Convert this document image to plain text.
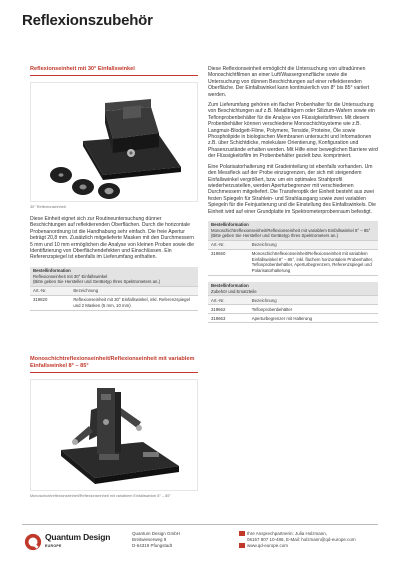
Reflexionszubehör
Reflexionseinheit mit 30° Einfallswinkel
30° Reflexionseinheit

Diese Einheit eignet sich zur Routineuntersuchung dünner Beschichtungen auf reflektierenden Oberflächen. Durch die horizontale Probenanordnung ist die Handhabung sehr einfach. Die freie Apertur beträgt 20,8 mm. Zusätzlich mitgelieferte Masken mit den Durchmessern 5 mm und 10 mm ermöglichen die Analyse von kleinen Proben sowie die Identifizierung von Oberflächendefekten und Einschlüssen. Ein Referenzspiegel ist ebenfalls im Lieferumfang enthalten.

Bestellinformation
Reflexionseinheit mit 30° Einfallswinkel
(Bitte geben Sie Hersteller und Gerätetyp Ihres Spektrometers an.)	

Art.-Nr.	Bezeichnung
319820	Reflexionseinheit mit 30° Einfallswinkel, inkl. Referenzspiegel und 2 Masken (5 mm, 10 mm)
Monoschichtreflexionseinheit/Reflexionseinheit mit variablem Einfallswinkel 8° – 85°
Monoschichtreflexionseinheit/Reflexionseinheit mit variablem Einfallswinkel 8° – 85°

Diese Reflexionseinheit ermöglicht die Untersuchung von ultradünnen Monoschichtfilmen an einer Luft/Wassergrenzfläche sowie die Untersuchung von dünnen Beschichtungen auf einer reflektierenden Oberfläche. Der Einfallswinkel kann kontinuierlich von 8° bis 85° variiert werden.

Zum Lieferumfang gehören ein flacher Probenhalter für die Untersuchung von Beschichtungen auf z.B. Metallträgern oder Silizium-Wafern sowie ein Teflonprobenbehälter für die Analyse von Flüssigkeitsfilmen. Mit diesem Probenbehälter können verschiedene Monoschichtsysteme wie z.B. Langmuir-Blodgett-Filme, Polymere, Tenside, Proteine, Öle sowie Phospholipide in biologischen Membranen untersucht und Informationen z.B. über Schichtdicke, molekulare Orientierung, Konfiguration und Phasenzustände erhalten werden. Mit Hilfe einer beweglichen Barriere wird der Flüssigkeitsfilm im Probenbehälter gezielt bzw. komprimiert.

Eine Polarisatorhalterung mit Gradeinteilung ist ebenfalls vorhanden. Um den Messfleck auf der Probe einzugrenzen, der sich mit steigendem Einfallswinkel vergrößert, bzw. um ein optimales Strahlprofil wiederherzustellen, werden Aperturbegrenzer mit verschiedenen Durchmessern mitgeliefert. Die Transferoptik der Einheit besteht aus zwei festen Spiegeln für Strahlein- und Strahlausgang sowie zwei variablen Spiegeln für die Feinjustierung und die Einstellung des Einfallswinkels. Die Einheit wird auf einer Grundplatte im Spektrometerprobenraum befestigt.

Bestellinformation
Monoschichtreflexionseinheit/Reflexionseinheit mit variablem Einfallswinkel 8° – 85°
(Bitte geben Sie Hersteller und Gerätetyp Ihres Spektrometers an.)	

Art.-Nr.	Bezeichnung
319650	Monoschichtreflexionseinheit/Reflexionseinheit mit variablem Einfallswinkel 8° – 85°, inkl. flachem horizontalem Probenhalter, Teflonprobenbehälter, Aperturbegrenzern, Referenzspiegel und Polarisatorhalterung
Bestellinformation
Zubehör und Ersatzteile	

Art.-Nr.	Bezeichnung
319662	Teflonprobenbehälter
319663	Aperturbegrenzer mit Halterung
Quantum Design
EUROPE
Quantum Design GmbH
Breitwieserweg 9
D-64319 Pfungstadt
Ihre Ansprechpartnerin: Julia Holzmann,
06157 807 10-486, E-Mail: holzmann@qd-europe.com
www.qd-europe.com
